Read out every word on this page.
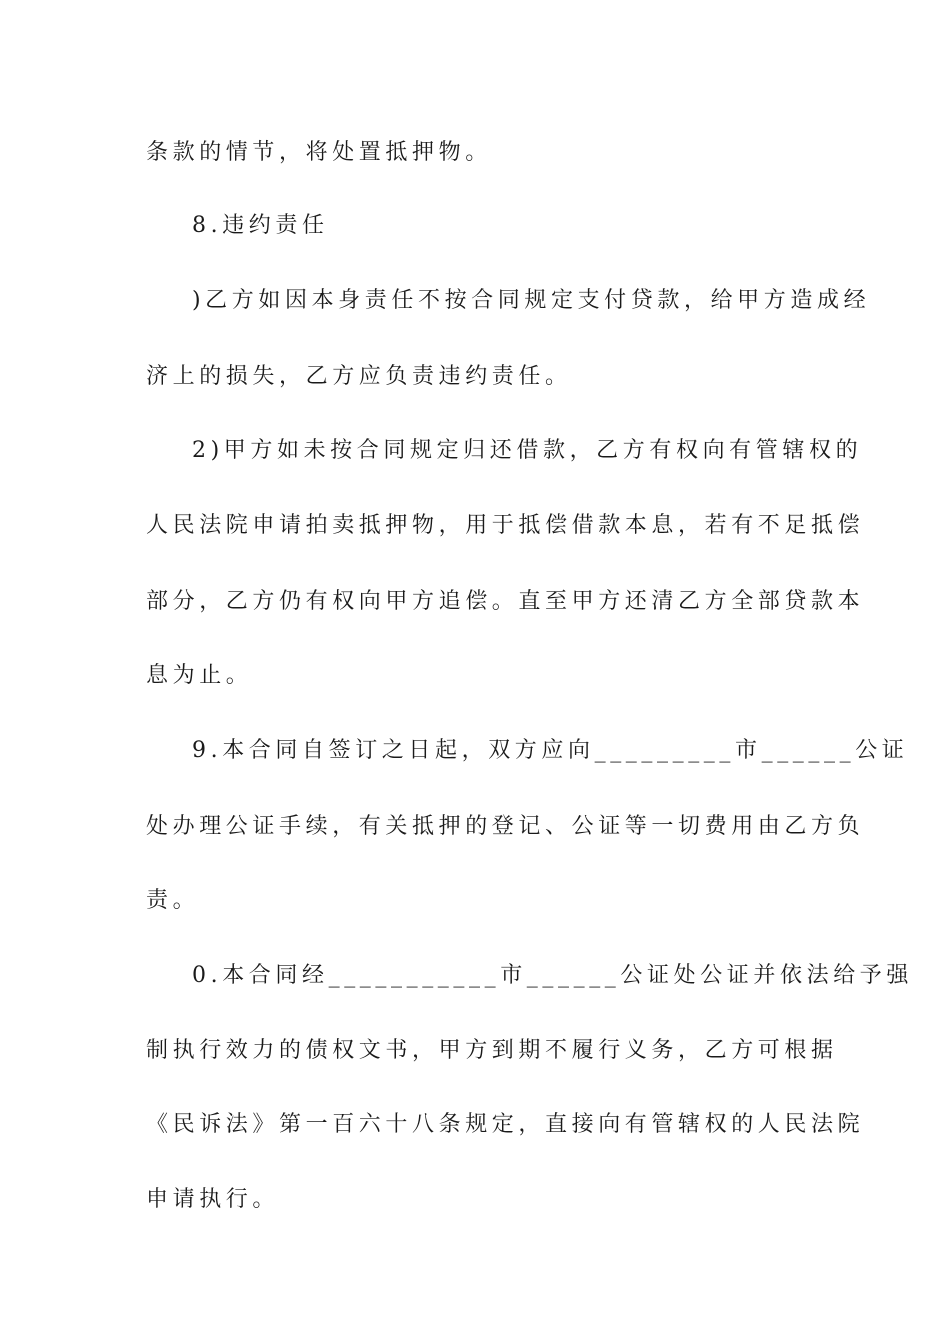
条款的情节，将处置抵押物。
8.违约责任
)乙方如因本身责任不按合同规定支付贷款，给甲方造成经
济上的损失，乙方应负责违约责任。
2)甲方如未按合同规定归还借款，乙方有权向有管辖权的
人民法院申请拍卖抵押物，用于抵偿借款本息，若有不足抵偿
部分，乙方仍有权向甲方追偿。直至甲方还清乙方全部贷款本
息为止。
9.本合同自签订之日起，双方应向_________市______公证
处办理公证手续，有关抵押的登记、公证等一切费用由乙方负
责。
0.本合同经___________市______公证处公证并依法给予强
制执行效力的债权文书，甲方到期不履行义务，乙方可根据
《民诉法》第一百六十八条规定，直接向有管辖权的人民法院
申请执行。
